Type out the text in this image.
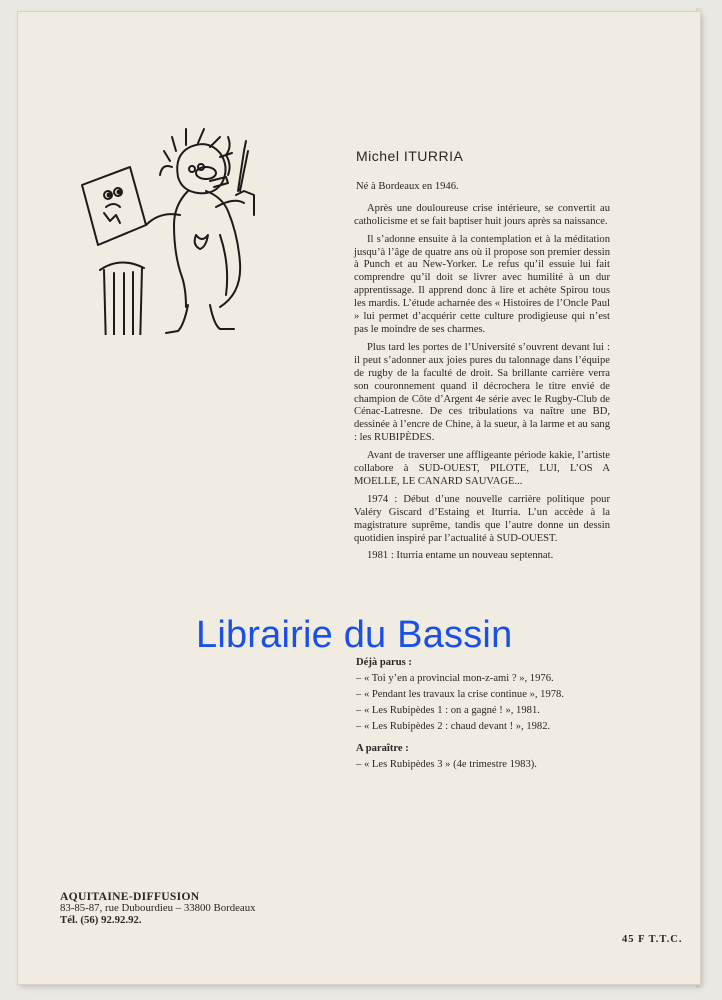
Michel ITURRIA

Né à Bordeaux en 1946.

Après une douloureuse crise intérieure, se convertit au catholicisme et se fait baptiser huit jours après sa naissance.

Il s’adonne ensuite à la contemplation et à la méditation jusqu’à l’âge de quatre ans où il propose son premier dessin à Punch et au New-Yorker. Le refus qu’il essuie lui fait comprendre qu’il doit se livrer avec humilité à un dur apprentissage. Il apprend donc à lire et achète Spirou tous les mardis. L’étude acharnée des « Histoires de l’Oncle Paul » lui permet d’acquérir cette culture prodigieuse qui n’est pas le moindre de ses charmes.

Plus tard les portes de l’Université s’ouvrent devant lui : il peut s’adonner aux joies pures du talonnage dans l’équipe de rugby de la faculté de droit. Sa brillante carrière verra son couronnement quand il décrochera le titre envié de champion de Côte d’Argent 4e série avec le Rugby-Club de Cénac-Latresne. De ces tribulations va naître une BD, dessinée à l’encre de Chine, à la sueur, à la larme et au sang : les RUBIPÈDES.

Avant de traverser une affligeante période kakie, l’artiste collabore à SUD-OUEST, PILOTE, LUI, L’OS A MOELLE, LE CANARD SAUVAGE...

1974 : Début d’une nouvelle carrière politique pour Valéry Giscard d’Estaing et Iturria. L’un accède à la magistrature suprême, tandis que l’autre donne un dessin quotidien inspiré par l’actualité à SUD-OUEST.

1981 : Iturria entame un nouveau septennat.

Librairie du Bassin

Déjà parus :

– « Toi y’en a provincial mon-z-ami ? », 1976.
– « Pendant les travaux la crise continue », 1978.
– « Les Rubipèdes 1 : on a gagné ! », 1981.
– « Les Rubipèdes 2 : chaud devant ! », 1982.

A paraître :

– « Les Rubipèdes 3 » (4e trimestre 1983).
AQUITAINE-DIFFUSION
83-85-87, rue Dubourdieu – 33800 Bordeaux
Tél. (56) 92.92.92.
45 F T.T.C.
